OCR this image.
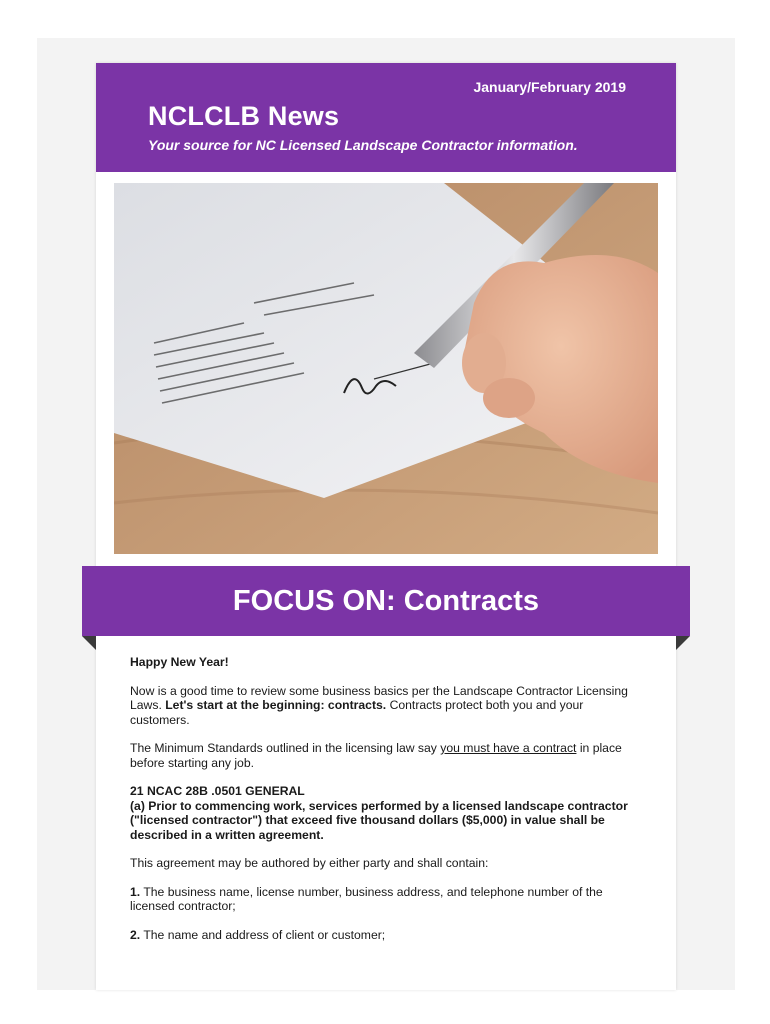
January/February 2019
NCLCLB News
Your source for NC Licensed Landscape Contractor information.
FOCUS ON: Contracts

Happy New Year!

Now is a good time to review some business basics per the Landscape Contractor Licensing Laws. Let's start at the beginning: contracts. Contracts protect both you and your customers.

The Minimum Standards outlined in the licensing law say you must have a contract in place before starting any job.

21 NCAC 28B .0501 GENERAL
(a) Prior to commencing work, services performed by a licensed landscape contractor ("licensed contractor") that exceed five thousand dollars ($5,000) in value shall be described in a written agreement.

This agreement may be authored by either party and shall contain:

1. The business name, license number, business address, and telephone number of the licensed contractor;

2. The name and address of client or customer;
